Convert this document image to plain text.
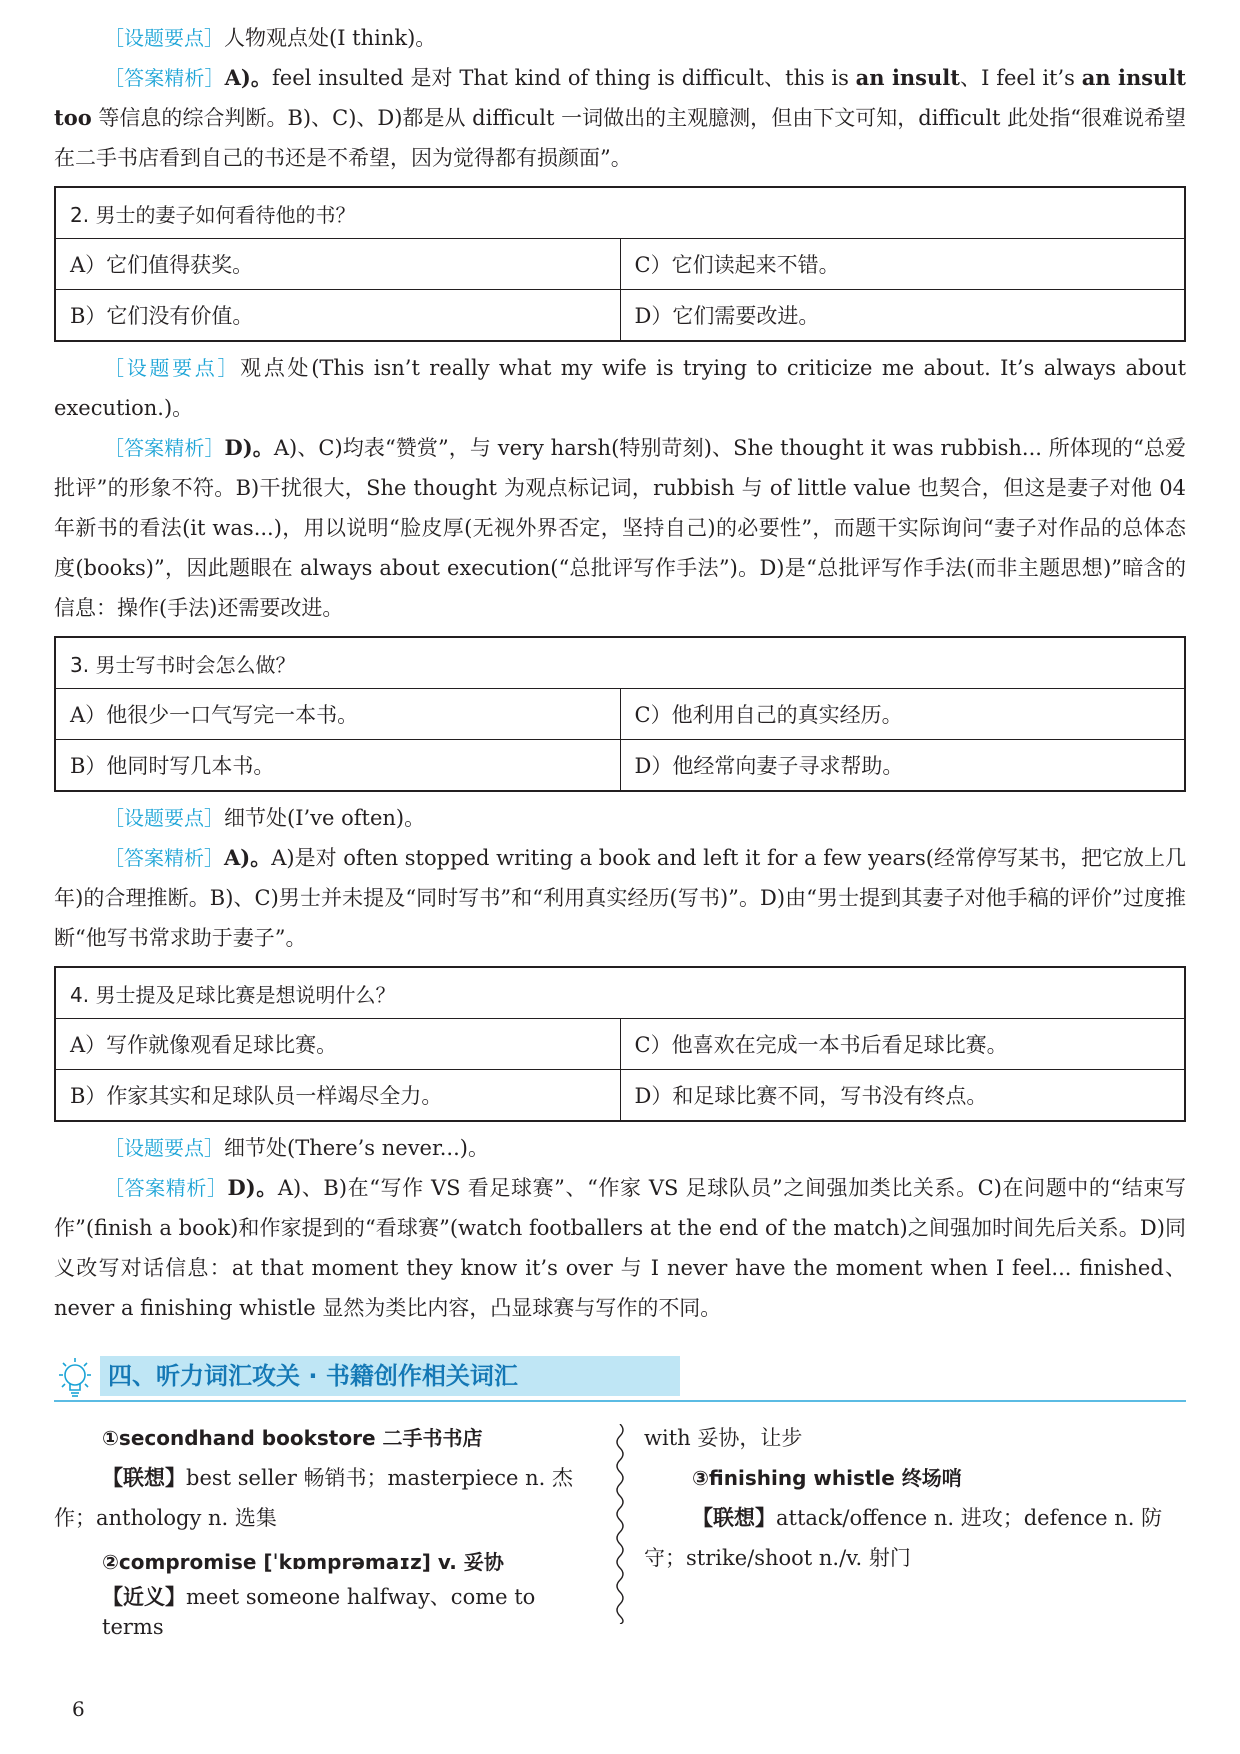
［设题要点］人物观点处(I think)。

［答案精析］A)。feel insulted 是对 That kind of thing is difficult、this is an insult、I feel it’s an insult too 等信息的综合判断。B)、C)、D)都是从 difficult 一词做出的主观臆测，但由下文可知，difficult 此处指“很难说希望在二手书店看到自己的书还是不希望，因为觉得都有损颜面”。

2. 男士的妻子如何看待他的书？	
A）它们值得获奖。	C）它们读起来不错。
B）它们没有价值。	D）它们需要改进。

［设题要点］观点处(This isn’t really what my wife is trying to criticize me about. It’s always about execution.)。

［答案精析］D)。A)、C)均表“赞赏”，与 very harsh(特别苛刻)、She thought it was rubbish... 所体现的“总爱批评”的形象不符。B)干扰很大，She thought 为观点标记词，rubbish 与 of little value 也契合，但这是妻子对他 04 年新书的看法(it was...)，用以说明“脸皮厚(无视外界否定，坚持自己)的必要性”，而题干实际询问“妻子对作品的总体态度(books)”，因此题眼在 always about execution(“总批评写作手法”)。D)是“总批评写作手法(而非主题思想)”暗含的信息：操作(手法)还需要改进。

3. 男士写书时会怎么做？	
A）他很少一口气写完一本书。	C）他利用自己的真实经历。
B）他同时写几本书。	D）他经常向妻子寻求帮助。

［设题要点］细节处(I’ve often)。

［答案精析］A)。A)是对 often stopped writing a book and left it for a few years(经常停写某书，把它放上几年)的合理推断。B)、C)男士并未提及“同时写书”和“利用真实经历(写书)”。D)由“男士提到其妻子对他手稿的评价”过度推断“他写书常求助于妻子”。

4. 男士提及足球比赛是想说明什么？	
A）写作就像观看足球比赛。	C）他喜欢在完成一本书后看足球比赛。
B）作家其实和足球队员一样竭尽全力。	D）和足球比赛不同，写书没有终点。

［设题要点］细节处(There’s never...)。

［答案精析］D)。A)、B)在“写作 VS 看足球赛”、“作家 VS 足球队员”之间强加类比关系。C)在问题中的“结束写作”(finish a book)和作家提到的“看球赛”(watch footballers at the end of the match)之间强加时间先后关系。D)同义改写对话信息：at that moment they know it’s over 与 I never have the moment when I feel... finished、never a finishing whistle 显然为类比内容，凸显球赛与写作的不同。

四、听力词汇攻关 · 书籍创作相关词汇

①secondhand bookstore 二手书书店

【联想】best seller 畅销书；masterpiece n. 杰作；anthology n. 选集

②compromise [ˈkɒmprəmaɪz] v. 妥协

【近义】meet someone halfway、come to terms

with 妥协，让步

③finishing whistle 终场哨

【联想】attack/offence n. 进攻；defence n. 防守；strike/shoot n./v. 射门

6
